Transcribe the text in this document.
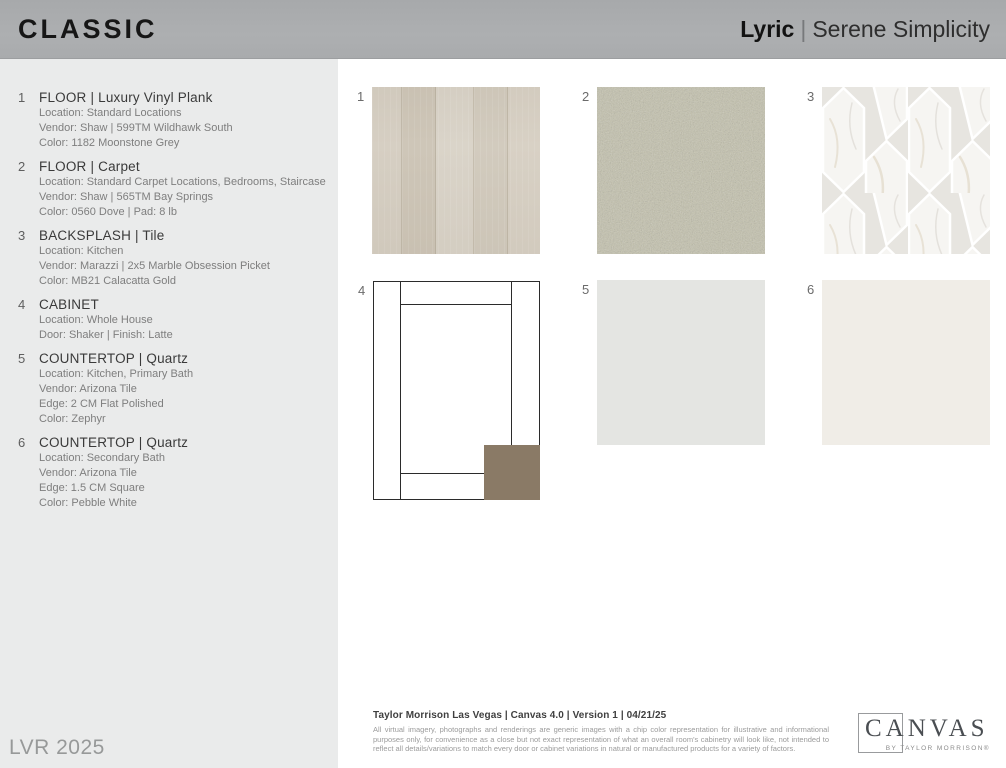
CLASSIC	Lyric | Serene Simplicity
1	FLOOR | Luxury Vinyl Plank
Location: Standard Locations
Vendor: Shaw | 599TM Wildhawk South
Color: 1182 Moonstone Grey
2	FLOOR | Carpet
Location: Standard Carpet Locations, Bedrooms, Staircase
Vendor: Shaw | 565TM Bay Springs
Color: 0560 Dove | Pad: 8 lb
3	BACKSPLASH | Tile
Location: Kitchen
Vendor: Marazzi | 2x5 Marble Obsession Picket
Color: MB21 Calacatta Gold
4	CABINET
Location: Whole House
Door: Shaker | Finish: Latte
5	COUNTERTOP | Quartz
Location: Kitchen, Primary Bath
Vendor: Arizona Tile
Edge: 2 CM Flat Polished
Color: Zephyr
6	COUNTERTOP | Quartz
Location: Secondary Bath
Vendor: Arizona Tile
Edge: 1.5 CM Square
Color: Pebble White
1	2	3
4	5	6
Taylor Morrison Las Vegas | Canvas 4.0 | Version 1 | 04/21/25
All virtual imagery, photographs and renderings are generic images with a chip color representation for illustrative and informational purposes only, for convenience as a close but not exact representation of what an overall room's cabinetry will look like, not intended to reflect all details/variations to match every door or cabinet variations in natural or manufactured products for a variety of factors.
CANVAS
BY TAYLOR MORRISON®
LVR 2025
